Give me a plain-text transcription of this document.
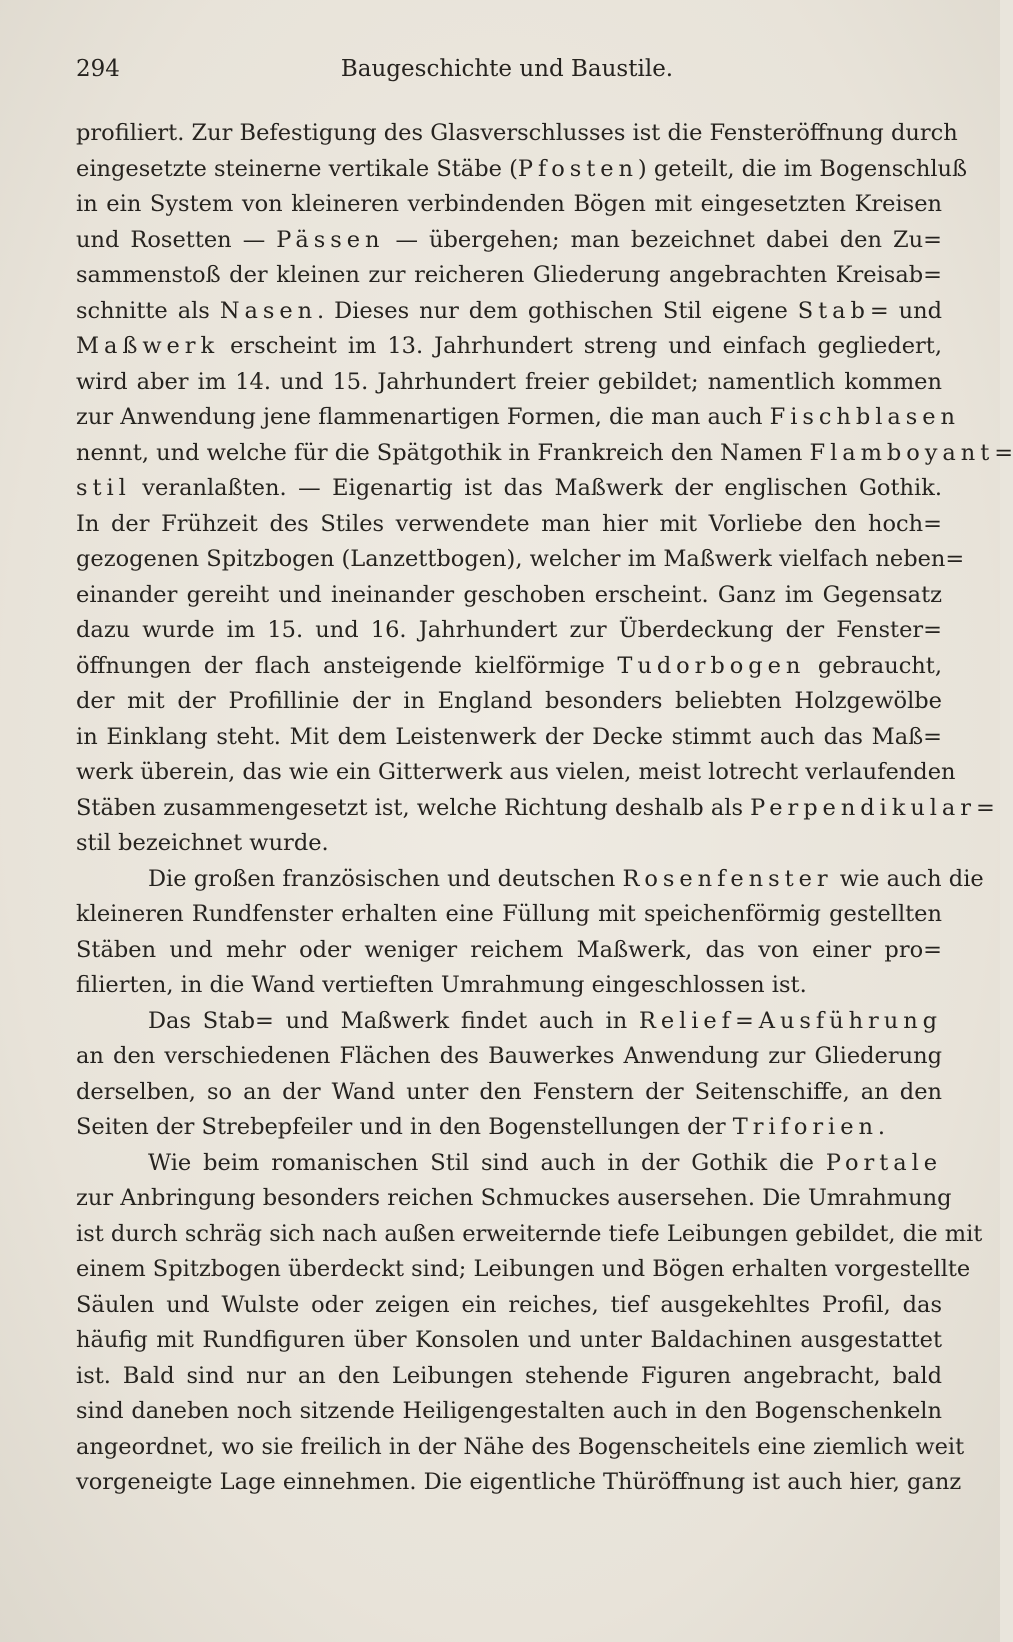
294	Baugeschichte und Baustile.
profiliert. Zur Befestigung des Glasverschlusses ist die Fensteröffnung durch
eingesetzte steinerne vertikale Stäbe (Pfosten) geteilt, die im Bogenschluß
in ein System von kleineren verbindenden Bögen mit eingesetzten Kreisen
und Rosetten — Pässen — übergehen; man bezeichnet dabei den Zu=
sammenstoß der kleinen zur reicheren Gliederung angebrachten Kreisab=
schnitte als Nasen. Dieses nur dem gothischen Stil eigene Stab= und
Maßwerk erscheint im 13. Jahrhundert streng und einfach gegliedert,
wird aber im 14. und 15. Jahrhundert freier gebildet; namentlich kommen
zur Anwendung jene flammenartigen Formen, die man auch Fischblasen
nennt, und welche für die Spätgothik in Frankreich den Namen Flamboyant=
stil veranlaßten. — Eigenartig ist das Maßwerk der englischen Gothik.
In der Frühzeit des Stiles verwendete man hier mit Vorliebe den hoch=
gezogenen Spitzbogen (Lanzettbogen), welcher im Maßwerk vielfach neben=
einander gereiht und ineinander geschoben erscheint. Ganz im Gegensatz
dazu wurde im 15. und 16. Jahrhundert zur Überdeckung der Fenster=
öffnungen der flach ansteigende kielförmige Tudorbogen gebraucht,
der mit der Profillinie der in England besonders beliebten Holzgewölbe
in Einklang steht. Mit dem Leistenwerk der Decke stimmt auch das Maß=
werk überein, das wie ein Gitterwerk aus vielen, meist lotrecht verlaufenden
Stäben zusammengesetzt ist, welche Richtung deshalb als Perpendikular=
stil bezeichnet wurde.
Die großen französischen und deutschen Rosenfenster wie auch die
kleineren Rundfenster erhalten eine Füllung mit speichenförmig gestellten
Stäben und mehr oder weniger reichem Maßwerk, das von einer pro=
filierten, in die Wand vertieften Umrahmung eingeschlossen ist.
Das Stab= und Maßwerk findet auch in Relief=Ausführung
an den verschiedenen Flächen des Bauwerkes Anwendung zur Gliederung
derselben, so an der Wand unter den Fenstern der Seitenschiffe, an den
Seiten der Strebepfeiler und in den Bogenstellungen der Triforien.
Wie beim romanischen Stil sind auch in der Gothik die Portale
zur Anbringung besonders reichen Schmuckes ausersehen. Die Umrahmung
ist durch schräg sich nach außen erweiternde tiefe Leibungen gebildet, die mit
einem Spitzbogen überdeckt sind; Leibungen und Bögen erhalten vorgestellte
Säulen und Wulste oder zeigen ein reiches, tief ausgekehltes Profil, das
häufig mit Rundfiguren über Konsolen und unter Baldachinen ausgestattet
ist. Bald sind nur an den Leibungen stehende Figuren angebracht, bald
sind daneben noch sitzende Heiligengestalten auch in den Bogenschenkeln
angeordnet, wo sie freilich in der Nähe des Bogenscheitels eine ziemlich weit
vorgeneigte Lage einnehmen. Die eigentliche Thüröffnung ist auch hier, ganz
